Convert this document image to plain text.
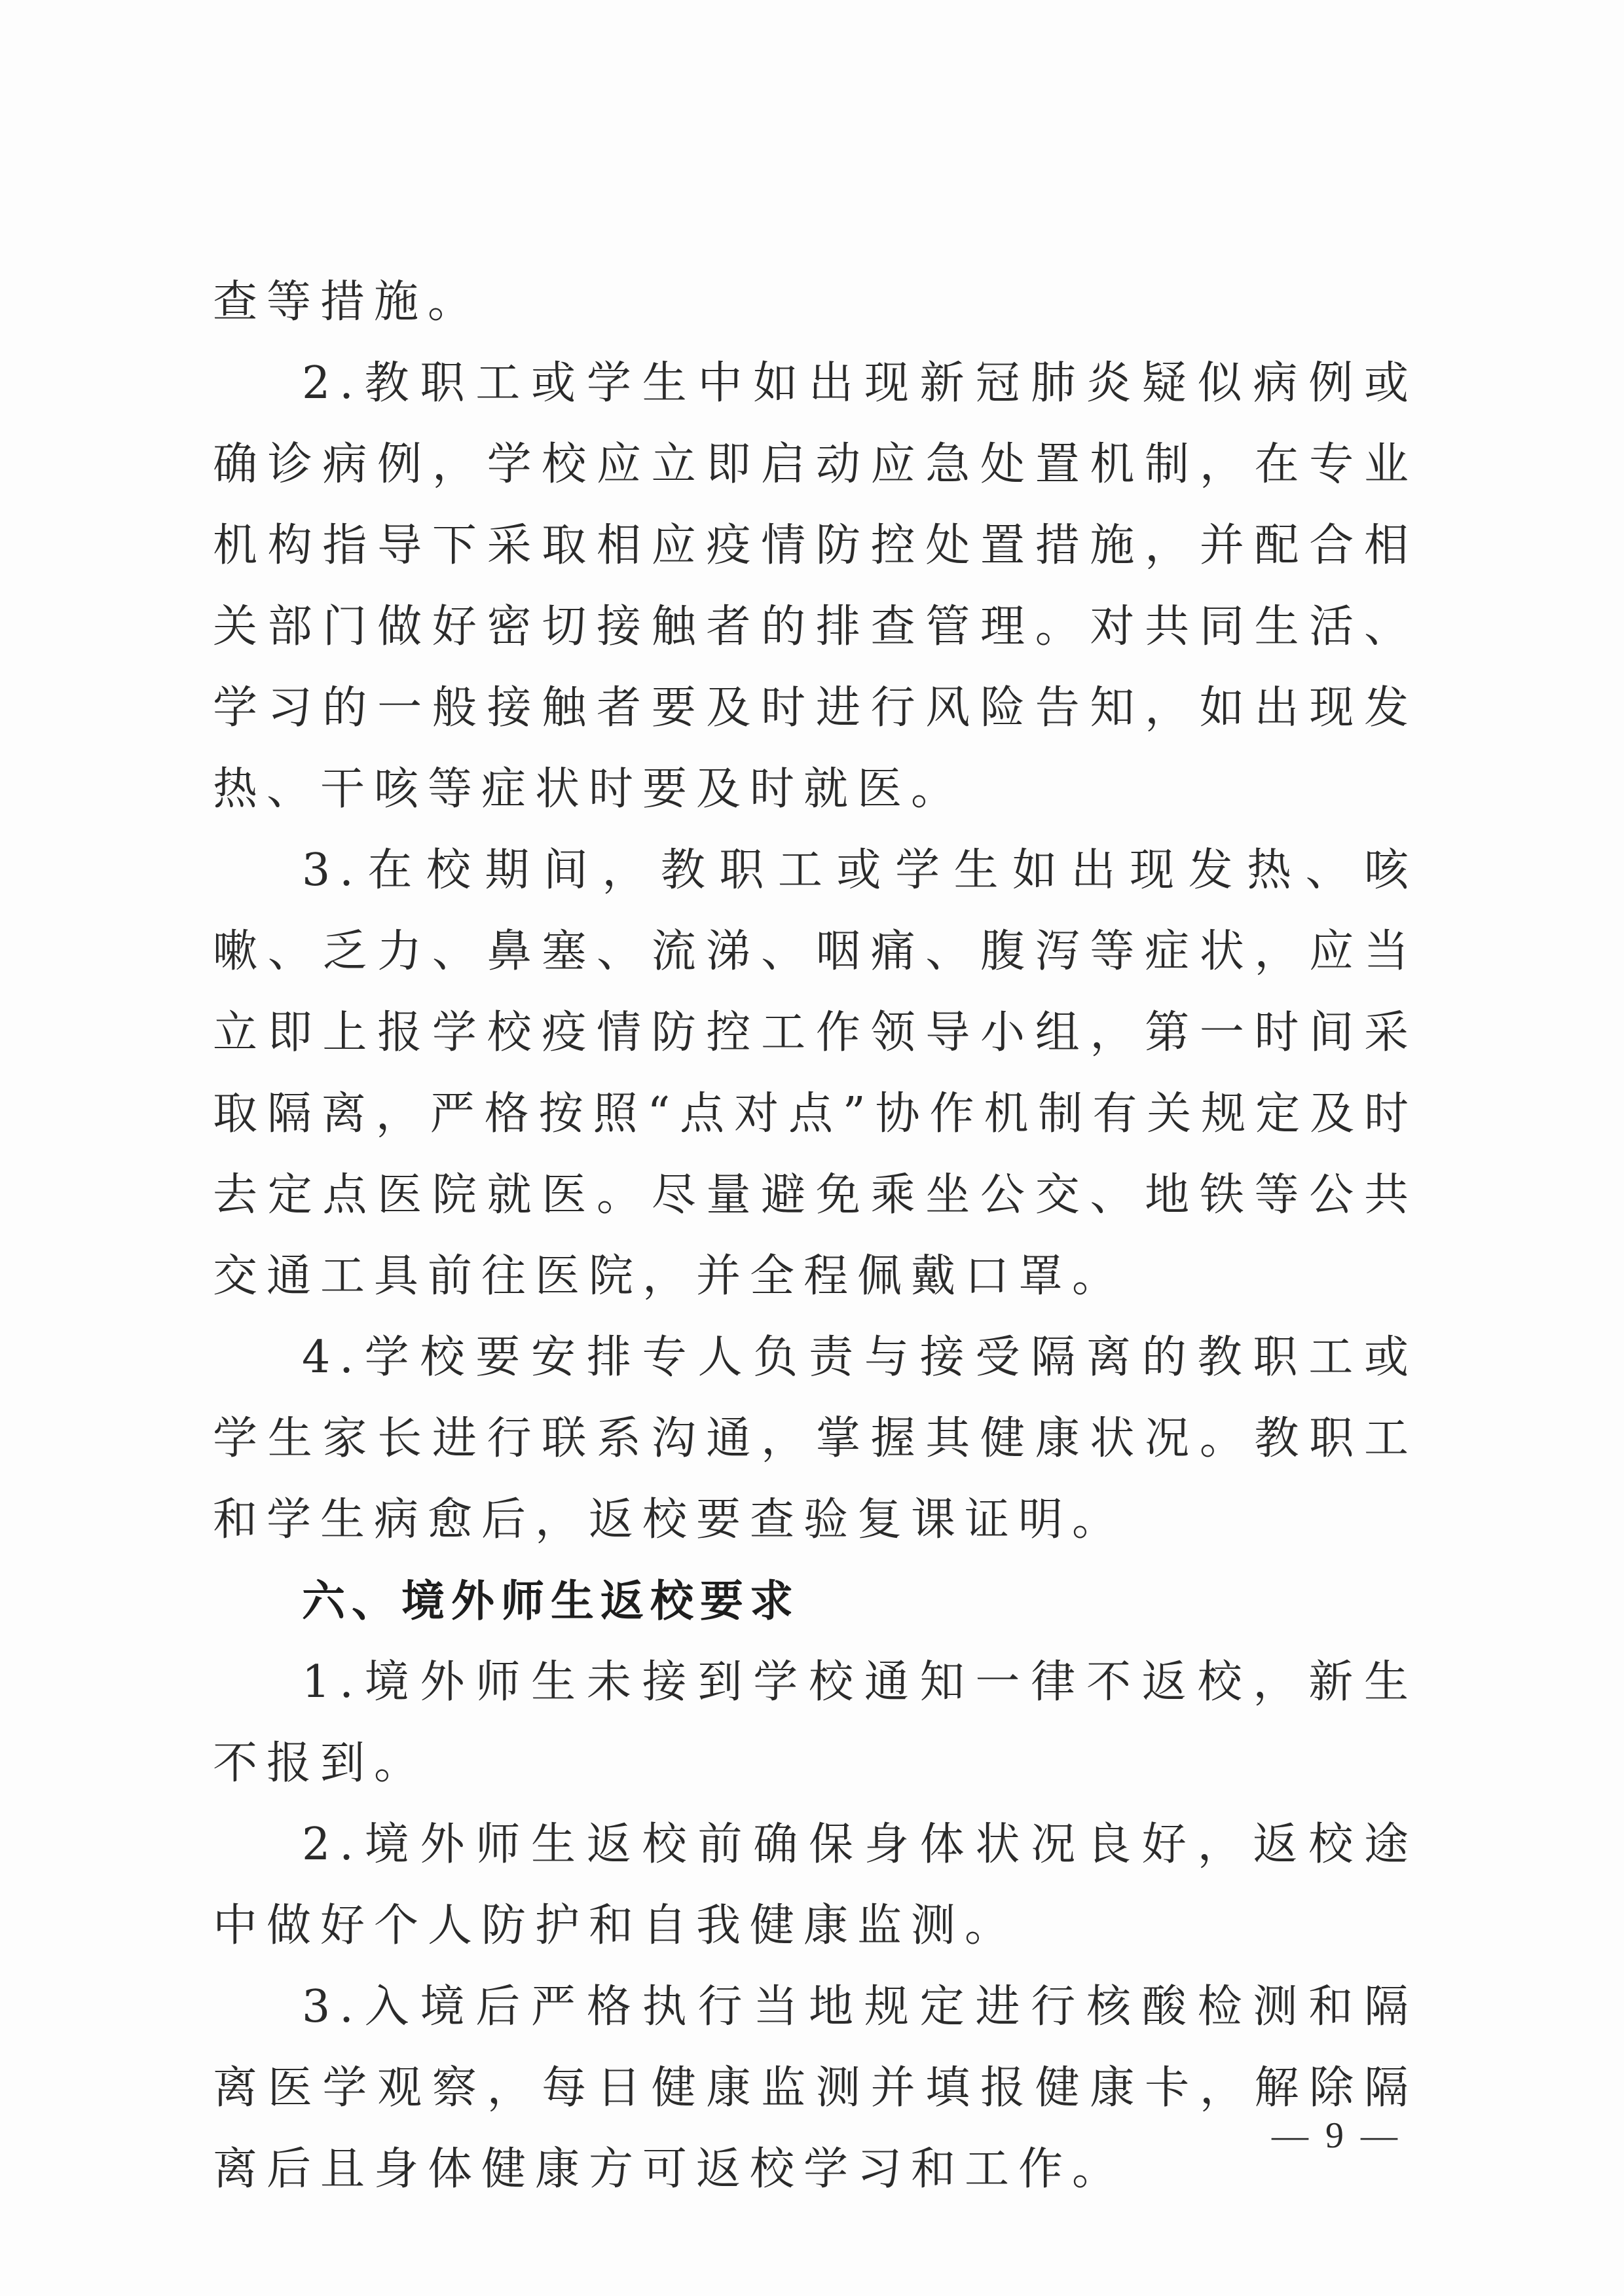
查等措施。

2.教职工或学生中如出现新冠肺炎疑似病例或确诊病例，学校应立即启动应急处置机制，在专业机构指导下采取相应疫情防控处置措施，并配合相关部门做好密切接触者的排查管理。对共同生活、学习的一般接触者要及时进行风险告知，如出现发热、干咳等症状时要及时就医。

3.在校期间，教职工或学生如出现发热、咳嗽、乏力、鼻塞、流涕、咽痛、腹泻等症状，应当立即上报学校疫情防控工作领导小组，第一时间采取隔离，严格按照“点对点”协作机制有关规定及时去定点医院就医。尽量避免乘坐公交、地铁等公共交通工具前往医院，并全程佩戴口罩。

4.学校要安排专人负责与接受隔离的教职工或学生家长进行联系沟通，掌握其健康状况。教职工和学生病愈后，返校要查验复课证明。

六、境外师生返校要求

1.境外师生未接到学校通知一律不返校，新生不报到。

2.境外师生返校前确保身体状况良好，返校途中做好个人防护和自我健康监测。

3.入境后严格执行当地规定进行核酸检测和隔离医学观察，每日健康监测并填报健康卡，解除隔离后且身体健康方可返校学习和工作。

— 9 —
